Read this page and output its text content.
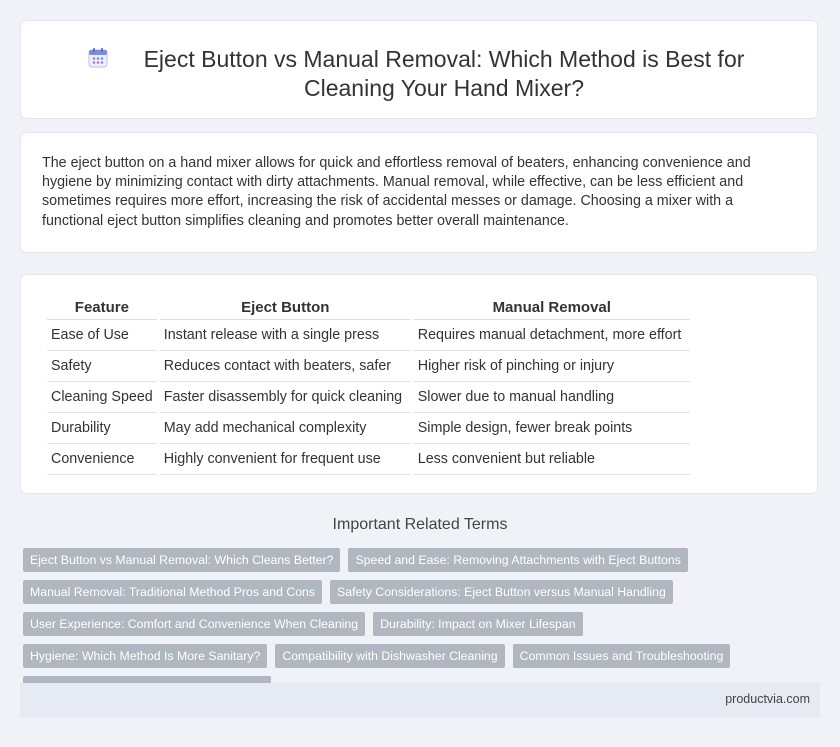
Eject Button vs Manual Removal: Which Method is Best for Cleaning Your Hand Mixer?
The eject button on a hand mixer allows for quick and effortless removal of beaters, enhancing convenience and hygiene by minimizing contact with dirty attachments. Manual removal, while effective, can be less efficient and sometimes requires more effort, increasing the risk of accidental messes or damage. Choosing a mixer with a functional eject button simplifies cleaning and promotes better overall maintenance.
Feature	Eject Button	Manual Removal
Ease of Use	Instant release with a single press	Requires manual detachment, more effort
Safety	Reduces contact with beaters, safer	Higher risk of pinching or injury
Cleaning Speed	Faster disassembly for quick cleaning	Slower due to manual handling
Durability	May add mechanical complexity	Simple design, fewer break points
Convenience	Highly convenient for frequent use	Less convenient but reliable
Important Related Terms
Eject Button vs Manual Removal: Which Cleans Better?	Speed and Ease: Removing Attachments with Eject Buttons
Manual Removal: Traditional Method Pros and Cons	Safety Considerations: Eject Button versus Manual Handling
User Experience: Comfort and Convenience When Cleaning	Durability: Impact on Mixer Lifespan
Hygiene: Which Method Is More Sanitary?	Compatibility with Dishwasher Cleaning	Common Issues and Troubleshooting
productvia.com
